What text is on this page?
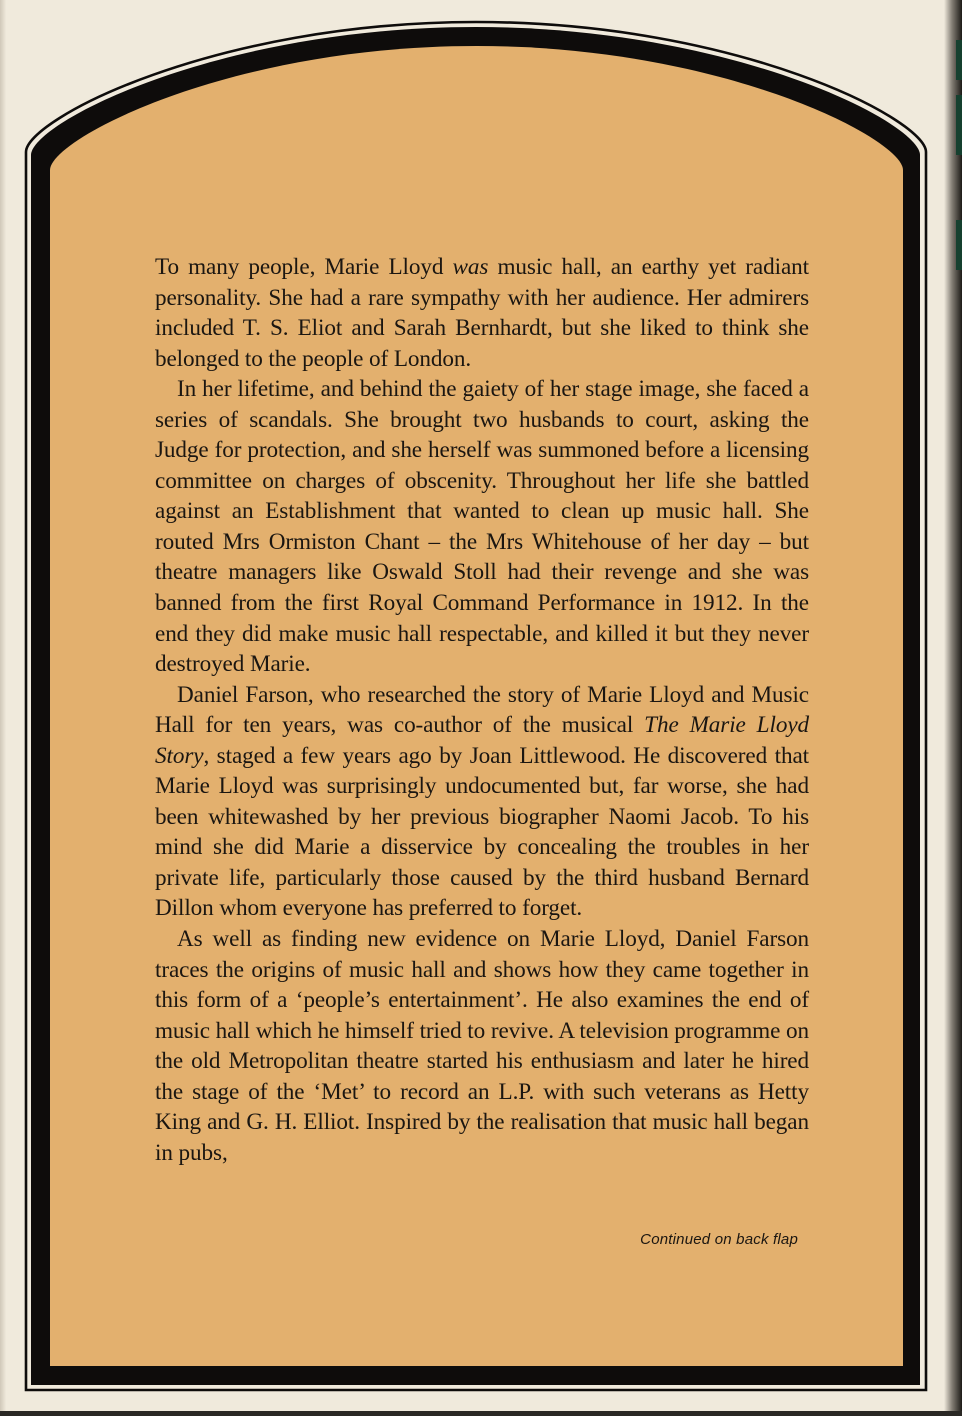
To many people, Marie Lloyd was music hall, an earthy yet radiant personality. She had a rare sympathy with her audience. Her admirers included T. S. Eliot and Sarah Bernhardt, but she liked to think she belonged to the people of London.

In her lifetime, and behind the gaiety of her stage image, she faced a series of scandals. She brought two husbands to court, asking the Judge for protection, and she herself was summoned before a licensing committee on charges of obscenity. Throughout her life she battled against an Establishment that wanted to clean up music hall. She routed Mrs Ormiston Chant – the Mrs Whitehouse of her day – but theatre managers like Oswald Stoll had their revenge and she was banned from the first Royal Command Performance in 1912. In the end they did make music hall respectable, and killed it but they never destroyed Marie.

Daniel Farson, who researched the story of Marie Lloyd and Music Hall for ten years, was co-author of the musical The Marie Lloyd Story, staged a few years ago by Joan Littlewood. He discovered that Marie Lloyd was surprisingly undocumented but, far worse, she had been whitewashed by her previous biographer Naomi Jacob. To his mind she did Marie a disservice by concealing the troubles in her private life, particularly those caused by the third husband Bernard Dillon whom everyone has preferred to forget.

As well as finding new evidence on Marie Lloyd, Daniel Farson traces the origins of music hall and shows how they came together in this form of a ‘people’s entertainment’. He also examines the end of music hall which he himself tried to revive. A television programme on the old Metropolitan theatre started his enthusiasm and later he hired the stage of the ‘Met’ to record an L.P. with such veterans as Hetty King and G. H. Elliot. Inspired by the realisation that music hall began in pubs,

Continued on back flap
